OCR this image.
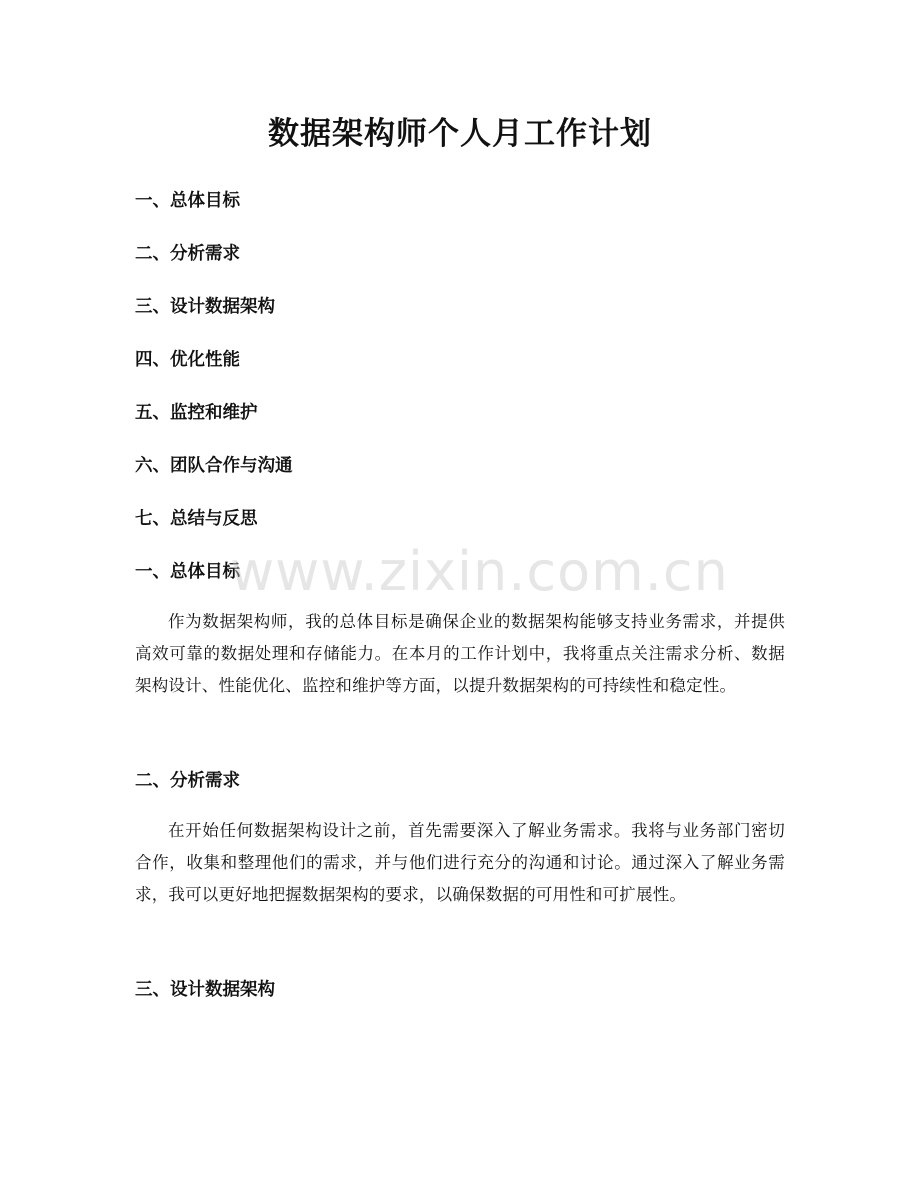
数据架构师个人月工作计划
一、总体目标
二、分析需求
三、设计数据架构
四、优化性能
五、监控和维护
六、团队合作与沟通
七、总结与反思
一、总体目标

作为数据架构师，我的总体目标是确保企业的数据架构能够支持业务需求，并提供高效可靠的数据处理和存储能力。在本月的工作计划中，我将重点关注需求分析、数据架构设计、性能优化、监控和维护等方面，以提升数据架构的可持续性和稳定性。

二、分析需求

在开始任何数据架构设计之前，首先需要深入了解业务需求。我将与业务部门密切合作，收集和整理他们的需求，并与他们进行充分的沟通和讨论。通过深入了解业务需求，我可以更好地把握数据架构的要求，以确保数据的可用性和可扩展性。

三、设计数据架构
www.zixin.com.cn
